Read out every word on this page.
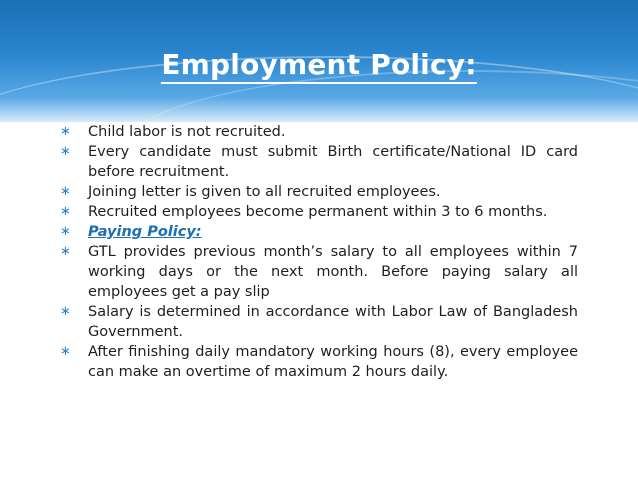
Employment Policy:
∗	Child labor is not recruited.
∗	Every candidate must submit Birth certificate/National ID card before recruitment.
∗	Joining letter is given to all recruited employees.
∗	Recruited employees become permanent within 3 to 6 months.
∗	Paying Policy:
∗	GTL provides previous month’s salary to all employees within 7 working days or the next month. Before paying salary all employees get a pay slip
∗	Salary is determined in accordance with Labor Law of Bangladesh Government.
∗	After finishing daily mandatory working hours (8), every employee can make an overtime of maximum 2 hours daily.
